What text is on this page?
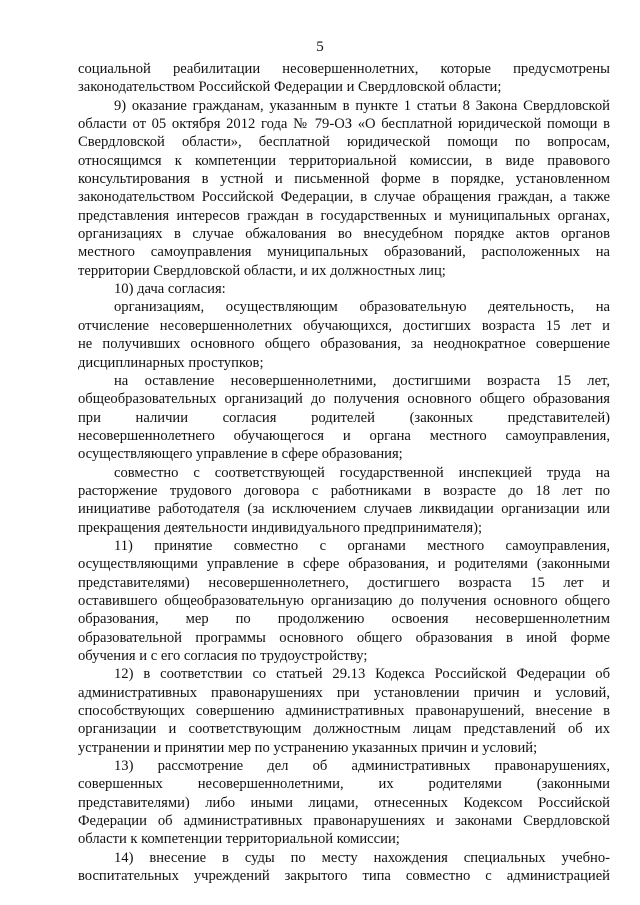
5
социальной реабилитации несовершеннолетних, которые предусмотрены
законодательством Российской Федерации и Свердловской области;
9) оказание гражданам, указанным в пункте 1 статьи 8 Закона Свердловской
области от 05 октября 2012 года № 79-ОЗ «О бесплатной юридической помощи в
Свердловской области», бесплатной юридической помощи по вопросам,
относящимся к компетенции территориальной комиссии, в виде правового
консультирования в устной и письменной форме в порядке, установленном
законодательством Российской Федерации, в случае обращения граждан, а также
представления интересов граждан в государственных и муниципальных органах,
организациях в случае обжалования во внесудебном порядке актов органов
местного самоуправления муниципальных образований, расположенных на
территории Свердловской области, и их должностных лиц;
10) дача согласия:
организациям, осуществляющим образовательную деятельность, на
отчисление несовершеннолетних обучающихся, достигших возраста 15 лет и
не получивших основного общего образования, за неоднократное совершение
дисциплинарных проступков;
на оставление несовершеннолетними, достигшими возраста 15 лет,
общеобразовательных организаций до получения основного общего образования
при наличии согласия родителей (законных представителей)
несовершеннолетнего обучающегося и органа местного самоуправления,
осуществляющего управление в сфере образования;
совместно с соответствующей государственной инспекцией труда на
расторжение трудового договора с работниками в возрасте до 18 лет по
инициативе работодателя (за исключением случаев ликвидации организации или
прекращения деятельности индивидуального предпринимателя);
11) принятие совместно с органами местного самоуправления,
осуществляющими управление в сфере образования, и родителями (законными
представителями) несовершеннолетнего, достигшего возраста 15 лет и
оставившего общеобразовательную организацию до получения основного общего
образования, мер по продолжению освоения несовершеннолетним
образовательной программы основного общего образования в иной форме
обучения и с его согласия по трудоустройству;
12) в соответствии со статьей 29.13 Кодекса Российской Федерации об
административных правонарушениях при установлении причин и условий,
способствующих совершению административных правонарушений, внесение в
организации и соответствующим должностным лицам представлений об их
устранении и принятии мер по устранению указанных причин и условий;
13) рассмотрение дел об административных правонарушениях,
совершенных несовершеннолетними, их родителями (законными
представителями) либо иными лицами, отнесенных Кодексом Российской
Федерации об административных правонарушениях и законами Свердловской
области к компетенции территориальной комиссии;
14) внесение в суды по месту нахождения специальных учебно-
воспитательных учреждений закрытого типа совместно с администрацией
